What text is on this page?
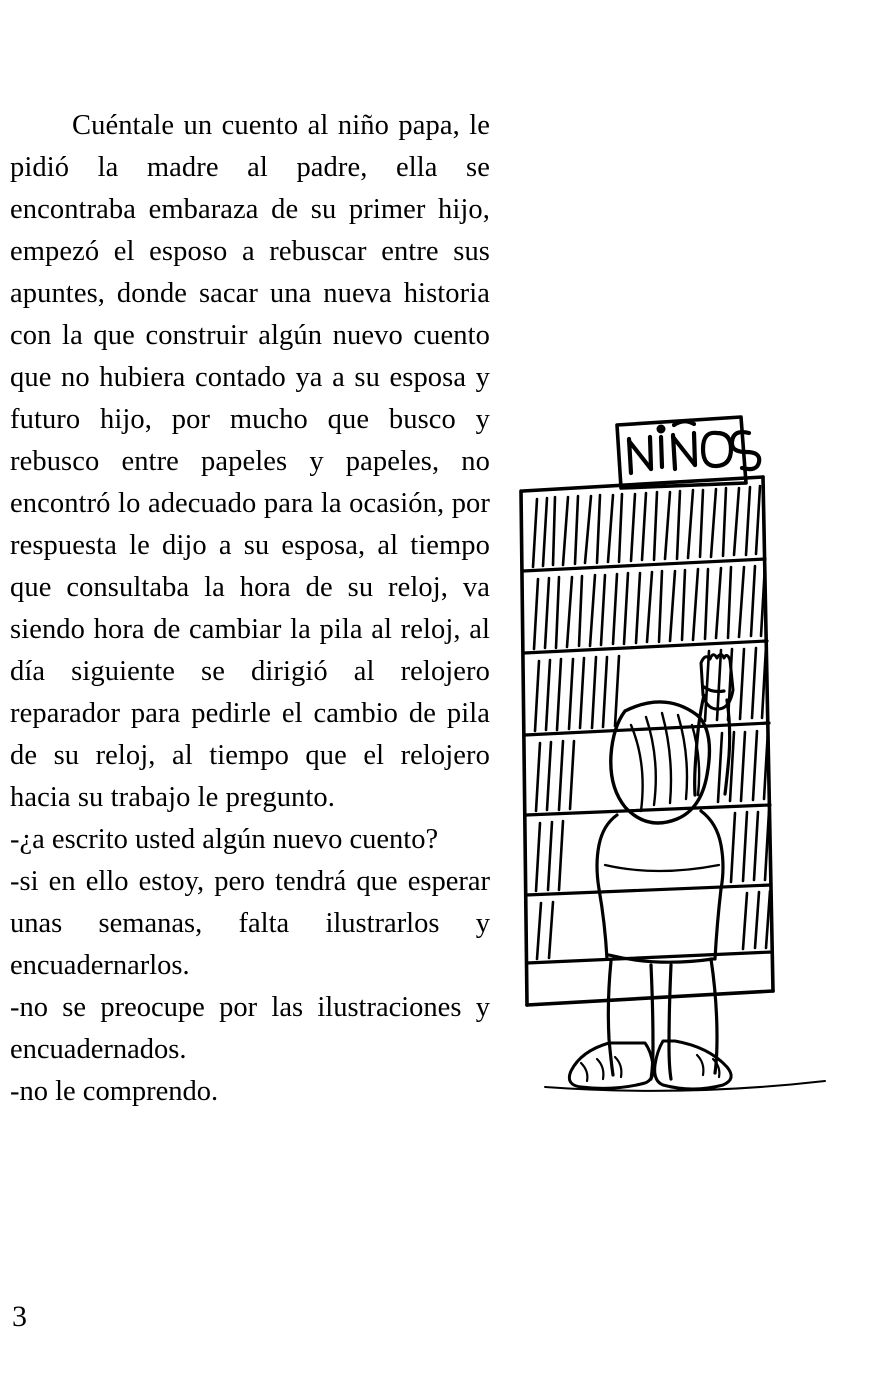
Cuéntale un cuento al niño papa, le pidió la madre al padre, ella se encontraba embaraza de su primer hijo, empezó el esposo a rebuscar entre sus apuntes, donde sacar una nueva historia con la que construir algún nuevo cuento que no hubiera contado ya a su esposa y futuro hijo, por mucho que busco y rebusco entre papeles y papeles, no encontró lo adecuado para la ocasión, por respuesta le dijo a su esposa, al tiempo que consultaba la hora de su reloj, va siendo hora de cambiar la pila al reloj, al día siguiente se dirigió al relojero reparador para pedirle el cambio de pila de su reloj, al tiempo que el relojero hacia su trabajo le pregunto.

-¿a escrito usted algún nuevo cuento?

-si en ello estoy, pero tendrá que esperar unas semanas, falta ilustrarlos y encuadernarlos.

-no se preocupe por las ilustraciones y encuadernados.

-no le comprendo.

3
